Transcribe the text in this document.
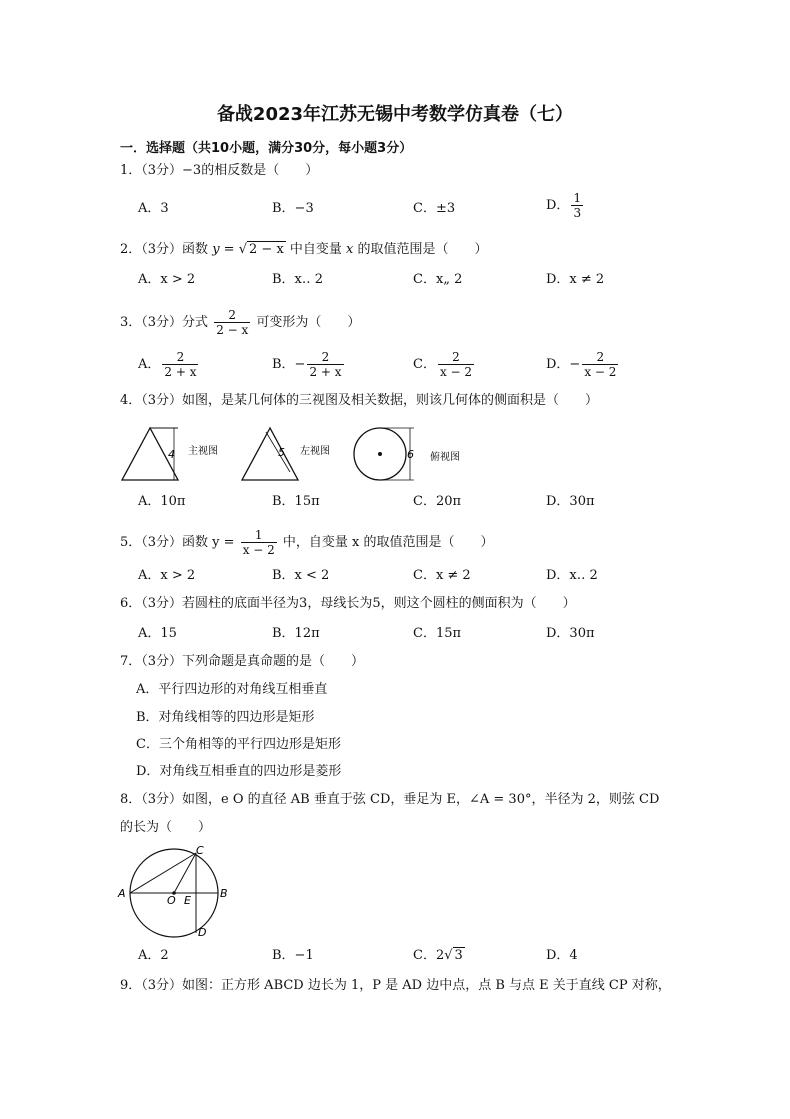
备战2023年江苏无锡中考数学仿真卷（七）
一．选择题（共10小题，满分30分，每小题3分）
1．（3分）−3的相反数是（　　）
A．3	B．−3	C．±3	D． $\frac{1}{3}$
2．（3分）函数 y = √ 2 − x 中自变量 x 的取值范围是（　　）
A．x > 2	B．x‥ 2	C．x„ 2	D．x ≠ 2
3．（3分）分式 $\frac{2}{2 - x}$ 可变形为（　　）
A． $\frac{2}{2 + x}$	B．− $\frac{2}{2 + x}$	C． $\frac{2}{x - 2}$	D．− $\frac{2}{x - 2}$
4．（3分）如图，是某几何体的三视图及相关数据，则该几何体的侧面积是（　　）
4 主视图	5 左视图	6 俯视图
A．10π	B．15π	C．20π	D．30π
5．（3分）函数 $y = \frac{1}{x - 2}$ 中，自变量 x 的取值范围是（　　）
A．x > 2	B．x < 2	C．x ≠ 2	D．x‥ 2
6．（3分）若圆柱的底面半径为3，母线长为5，则这个圆柱的侧面积为（　　）
A．15	B．12π	C．15π	D．30π
7．（3分）下列命题是真命题的是（　　）
A．平行四边形的对角线互相垂直
B．对角线相等的四边形是矩形
C．三个角相等的平行四边形是矩形
D．对角线互相垂直的四边形是菱形
8．（3分）如图，e O 的直径 AB 垂直于弦 CD，垂足为 E，∠A = 30°，半径为 2，则弦 CD
的长为（　　）
A	B
C
D
O E
A．2	B．−1	C．2√ 3	D．4
9．（3分）如图：正方形 ABCD 边长为 1，P 是 AD 边中点，点 B 与点 E 关于直线 CP 对称，
